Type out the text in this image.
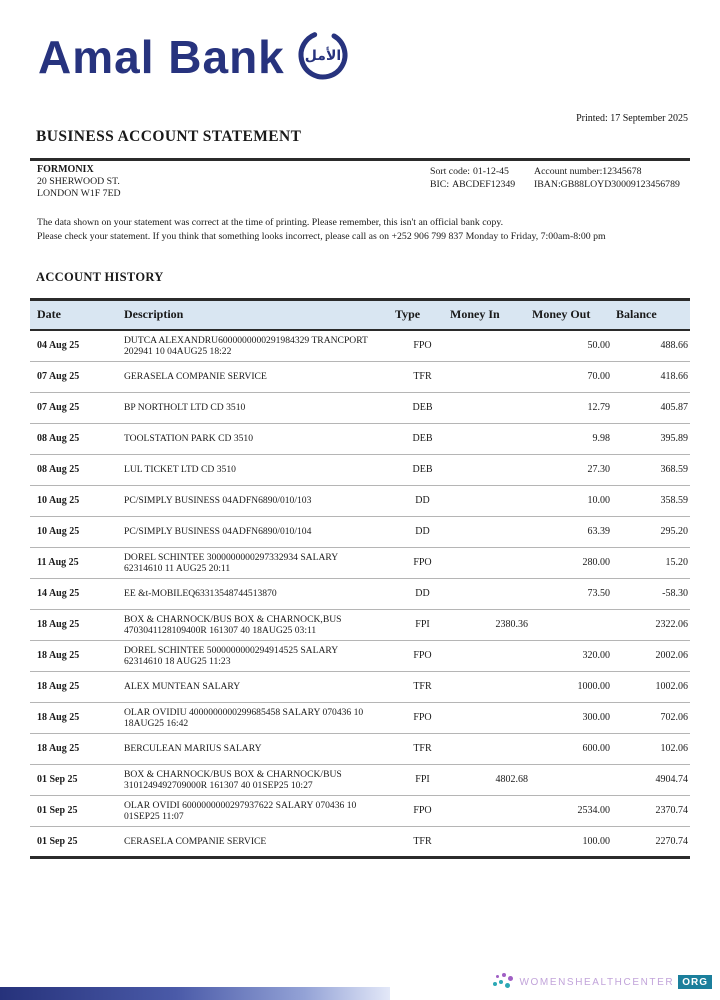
Amal Bank الأمل
Printed: 17 September 2025
BUSINESS ACCOUNT STATEMENT
FORMONIX
20 SHERWOOD ST.
LONDON W1F 7ED
Sort code: 01-12-45	Account number: 12345678
BIC: ABCDEF12349 IBAN: GB88LOYD30009123456789
The data shown on your statement was correct at the time of printing. Please remember, this isn't an official bank copy.
Please check your statement. If you think that something looks incorrect, please call as on +252 906 799 837 Monday to Friday, 7:00am-8:00 pm
ACCOUNT HISTORY
Date	Description	Type	Money In	Money Out	Balance
04 Aug 25	DUTCA ALEXANDRU6000000000291984329 TRANCPORT 202941 10 04AUG25 18:22	FPO		50.00	488.66
07 Aug 25	GERASELA COMPANIE SERVICE	TFR		70.00	418.66
07 Aug 25	BP NORTHOLT LTD CD 3510	DEB		12.79	405.87
08 Aug 25	TOOLSTATION PARK CD 3510	DEB		9.98	395.89
08 Aug 25	LUL TICKET LTD CD 3510	DEB		27.30	368.59
10 Aug 25	PC/SIMPLY BUSINESS 04ADFN6890/010/103	DD		10.00	358.59
10 Aug 25	PC/SIMPLY BUSINESS 04ADFN6890/010/104	DD		63.39	295.20
11 Aug 25	DOREL SCHINTEE 3000000000297332934 SALARY 62314610 11 AUG25 20:11	FPO		280.00	15.20
14 Aug 25	EE &t-MOBILEQ63313548744513870	DD		73.50	-58.30
18 Aug 25	BOX & CHARNOCK/BUS BOX & CHARNOCK,BUS 4703041128109400R 161307 40 18AUG25 03:11	FPI	2380.36		2322.06
18 Aug 25	DOREL SCHINTEE 5000000000294914525 SALARY 62314610 18 AUG25 11:23	FPO		320.00	2002.06
18 Aug 25	ALEX MUNTEAN SALARY	TFR		1000.00	1002.06
18 Aug 25	OLAR OVIDIU 4000000000299685458 SALARY 070436 10 18AUG25 16:42	FPO		300.00	702.06
18 Aug 25	BERCULEAN MARIUS SALARY	TFR		600.00	102.06
01 Sep 25	BOX & CHARNOCK/BUS BOX & CHARNOCK/BUS 3101249492709000R 161307 40 01SEP25 10:27	FPI	4802.68		4904.74
01 Sep 25	OLAR OVIDI 6000000000297937622 SALARY 070436 10 01SEP25 11:07	FPO		2534.00	2370.74
01 Sep 25	CERASELA COMPANIE SERVICE	TFR		100.00	2270.74
WOMENSHEALTHCENTER ORG
